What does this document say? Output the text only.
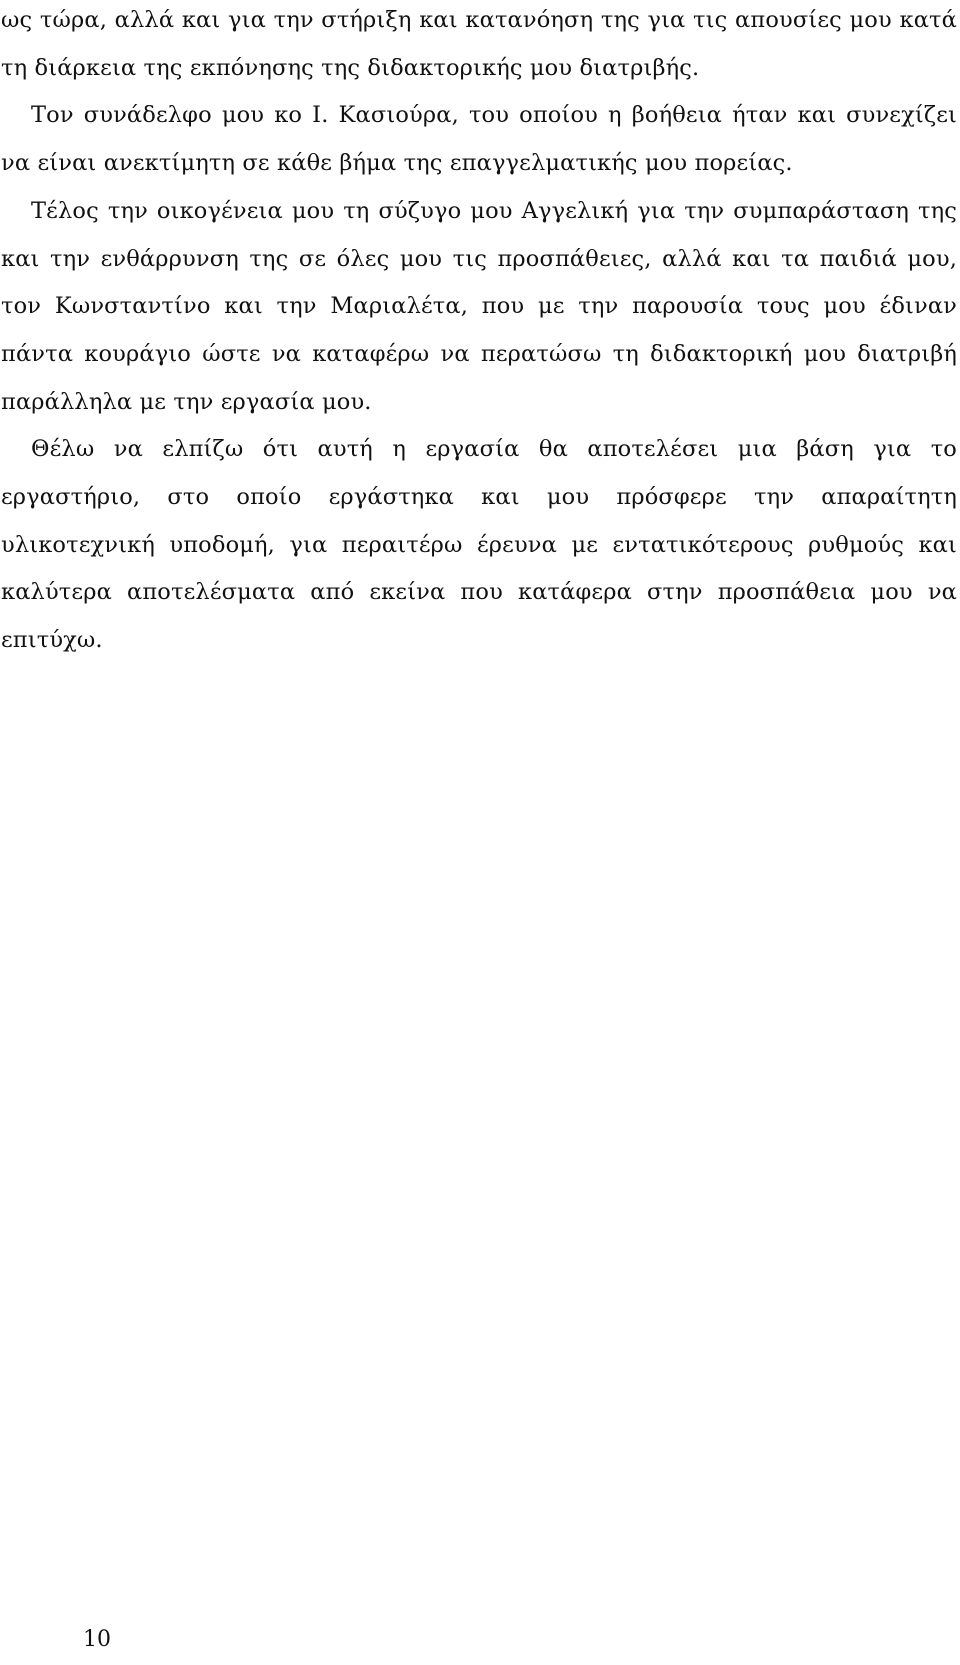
ως τώρα, αλλά και για την στήριξη και κατανόηση της για τις απουσίες μου κατά τη διάρκεια της εκπόνησης της διδακτορικής μου διατριβής.

Τον συνάδελφο μου κο Ι. Κασιούρα, του οποίου η βοήθεια ήταν και συνεχίζει να είναι ανεκτίμητη σε κάθε βήμα της επαγγελματικής μου πορείας.

Τέλος την οικογένεια μου τη σύζυγο μου Αγγελική για την συμπαράσταση της και την ενθάρρυνση της σε όλες μου τις προσπάθειες, αλλά και τα παιδιά μου, τον Κωνσταντίνο και την Μαριαλέτα, που με την παρουσία τους μου έδιναν πάντα κουράγιο ώστε να καταφέρω να περατώσω τη διδακτορική μου διατριβή παράλληλα με την εργασία μου.

Θέλω να ελπίζω ότι αυτή η εργασία θα αποτελέσει μια βάση για το εργαστήριο, στο οποίο εργάστηκα και μου πρόσφερε την απαραίτητη υλικοτεχνική υποδομή, για περαιτέρω έρευνα με εντατικότερους ρυθμούς και καλύτερα αποτελέσματα από εκείνα που κατάφερα στην προσπάθεια μου να επιτύχω.

10
